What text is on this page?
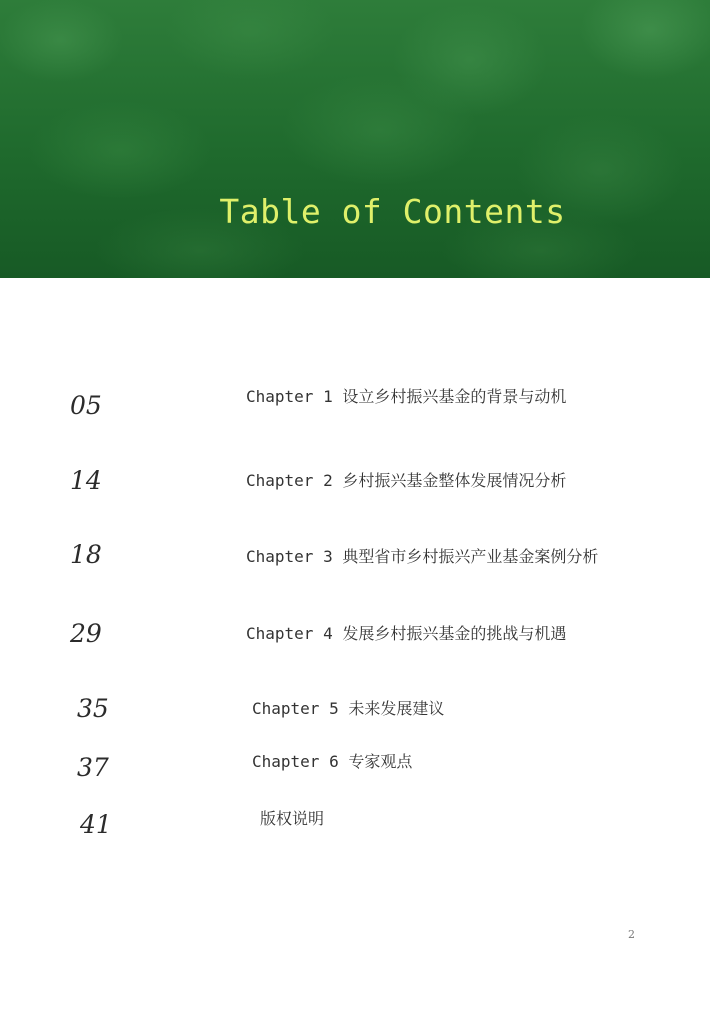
Table of Contents

05	Chapter 1 设立乡村振兴基金的背景与动机

14	Chapter 2 乡村振兴基金整体发展情况分析

18	Chapter 3 典型省市乡村振兴产业基金案例分析

29	Chapter 4 发展乡村振兴基金的挑战与机遇

35	Chapter 5 未来发展建议

37	Chapter 6 专家观点

41	版权说明

2
